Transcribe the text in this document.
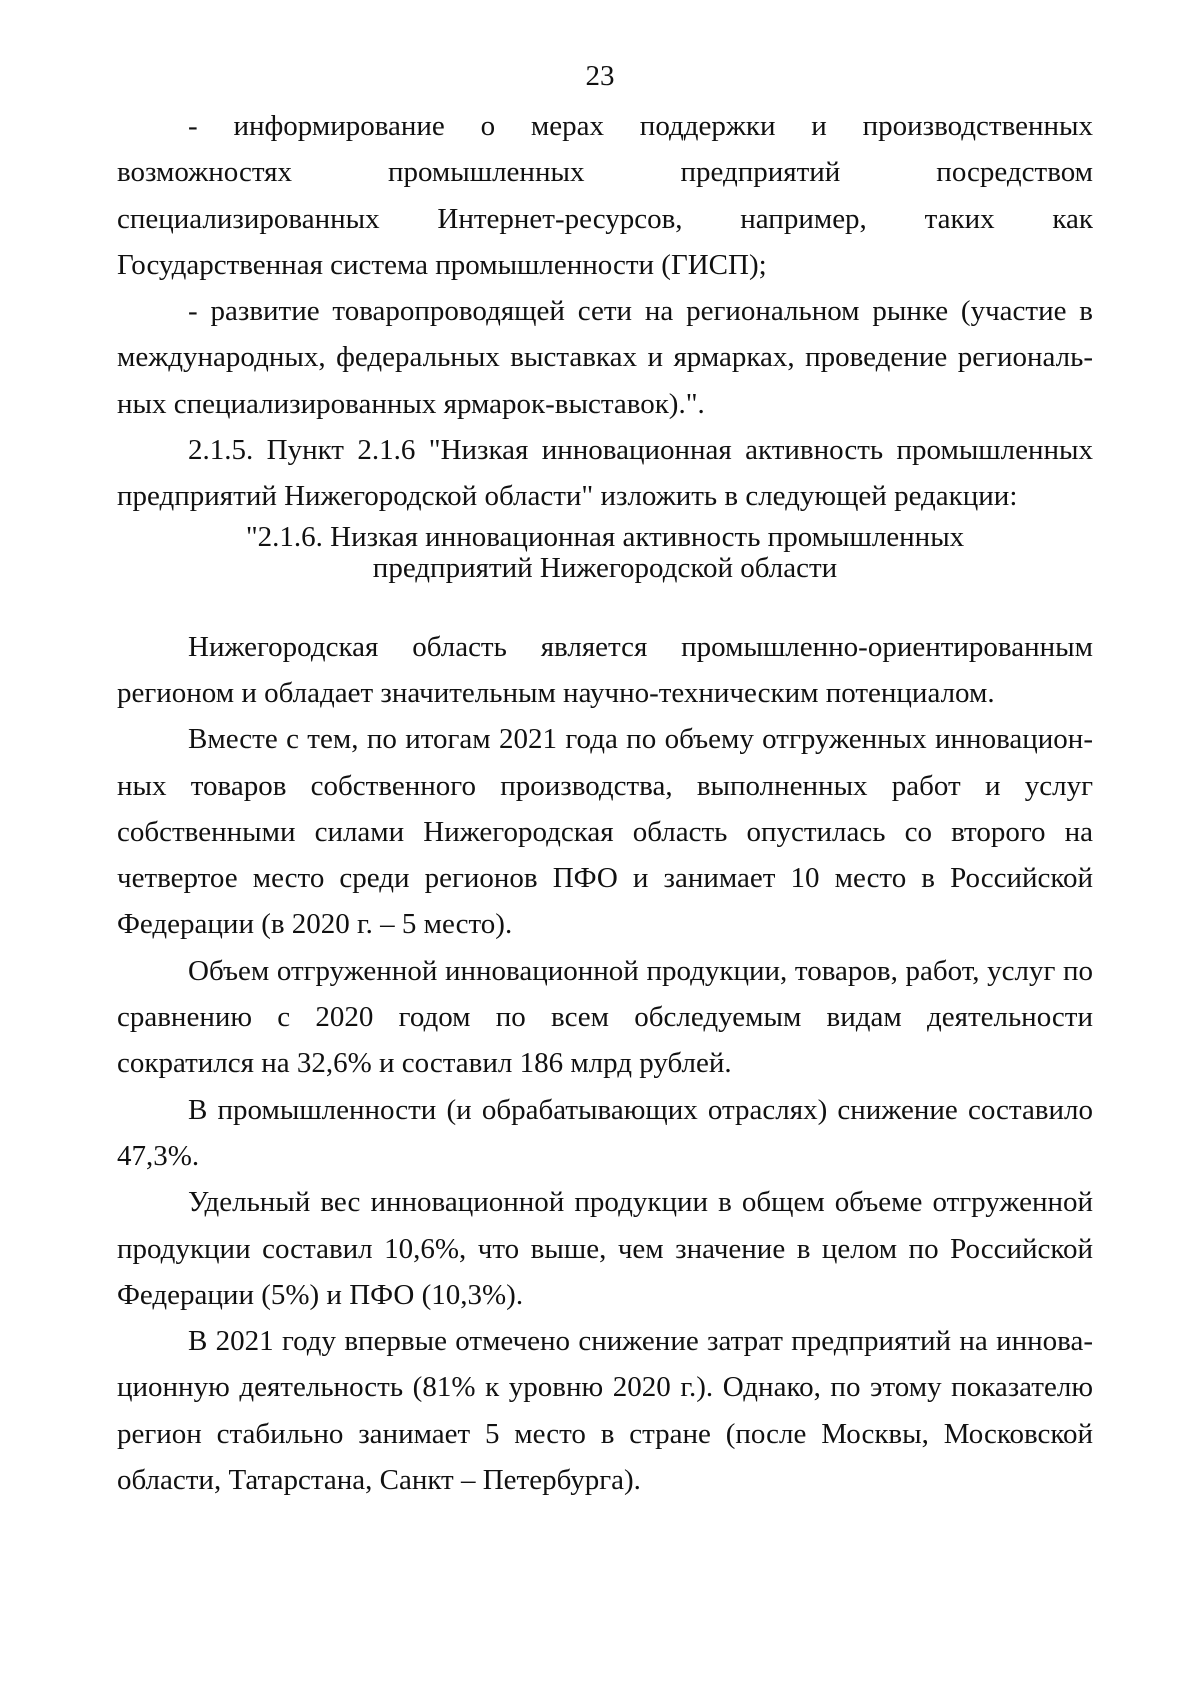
23

- информирование о мерах поддержки и производственных возможностях промышленных предприятий посредством специализированных Интернет-ресурсов, например, таких как Государственная система промышленности (ГИСП);

- развитие товаропроводящей сети на региональном рынке (участие в международных, федеральных выставках и ярмарках, проведение региональных специализированных ярмарок-выставок).".

2.1.5. Пункт 2.1.6 "Низкая инновационная активность промышленных предприятий Нижегородской области" изложить в следующей редакции:

"2.1.6. Низкая инновационная активность промышленных
предприятий Нижегородской области

Нижегородская область является промышленно-ориентированным регионом и обладает значительным научно-техническим потенциалом.

Вместе с тем, по итогам 2021 года по объему отгруженных инновационных товаров собственного производства, выполненных работ и услуг собственными силами Нижегородская область опустилась со второго на четвертое место среди регионов ПФО и занимает 10 место в Российской Федерации (в 2020 г. – 5 место).

Объем отгруженной инновационной продукции, товаров, работ, услуг по сравнению с 2020 годом по всем обследуемым видам деятельности сократился на 32,6% и составил 186 млрд рублей.

В промышленности (и обрабатывающих отраслях) снижение составило 47,3%.

Удельный вес инновационной продукции в общем объеме отгруженной продукции составил 10,6%, что выше, чем значение в целом по Российской Федерации (5%) и ПФО (10,3%).

В 2021 году впервые отмечено снижение затрат предприятий на инновационную деятельность (81% к уровню 2020 г.). Однако, по этому показателю регион стабильно занимает 5 место в стране (после Москвы, Московской области, Татарстана, Санкт – Петербурга).
